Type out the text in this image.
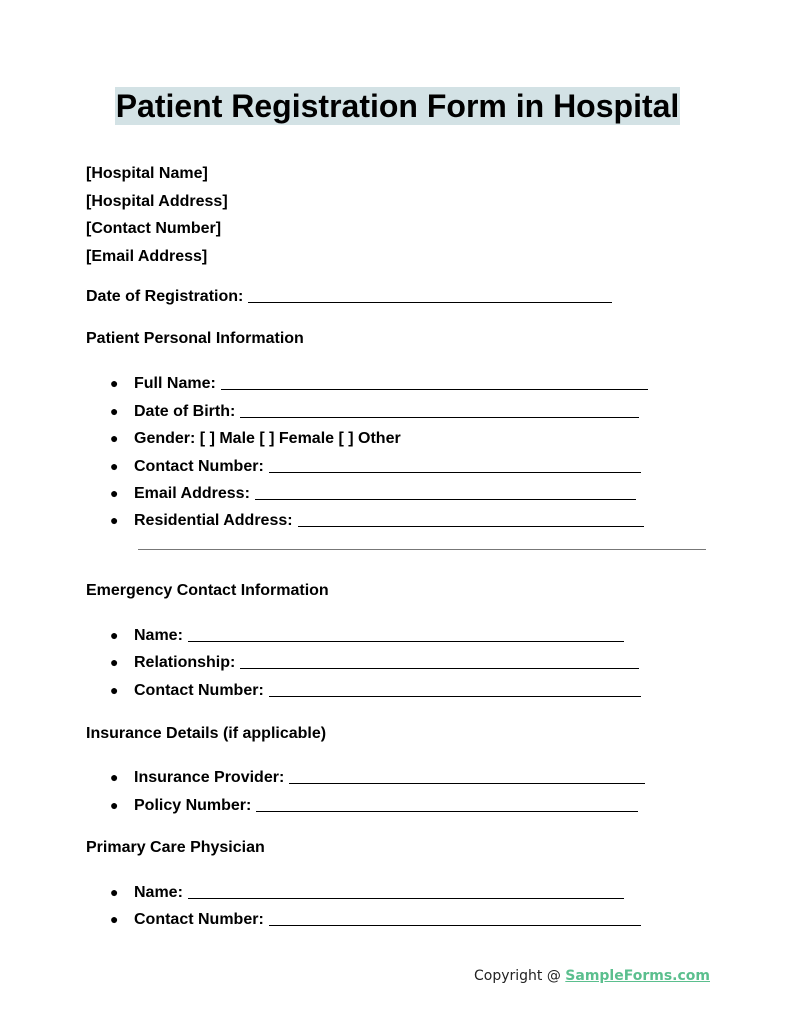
Patient Registration Form in Hospital
[Hospital Name]
[Hospital Address]
[Contact Number]
[Email Address]
Date of Registration:
Patient Personal Information
● Full Name:
● Date of Birth:
● Gender: [ ] Male [ ] Female [ ] Other
● Contact Number:
● Email Address:
● Residential Address:
Emergency Contact Information
● Name:
● Relationship:
● Contact Number:
Insurance Details (if applicable)
● Insurance Provider:
● Policy Number:
Primary Care Physician
● Name:
● Contact Number:
Copyright @ SampleForms.com
